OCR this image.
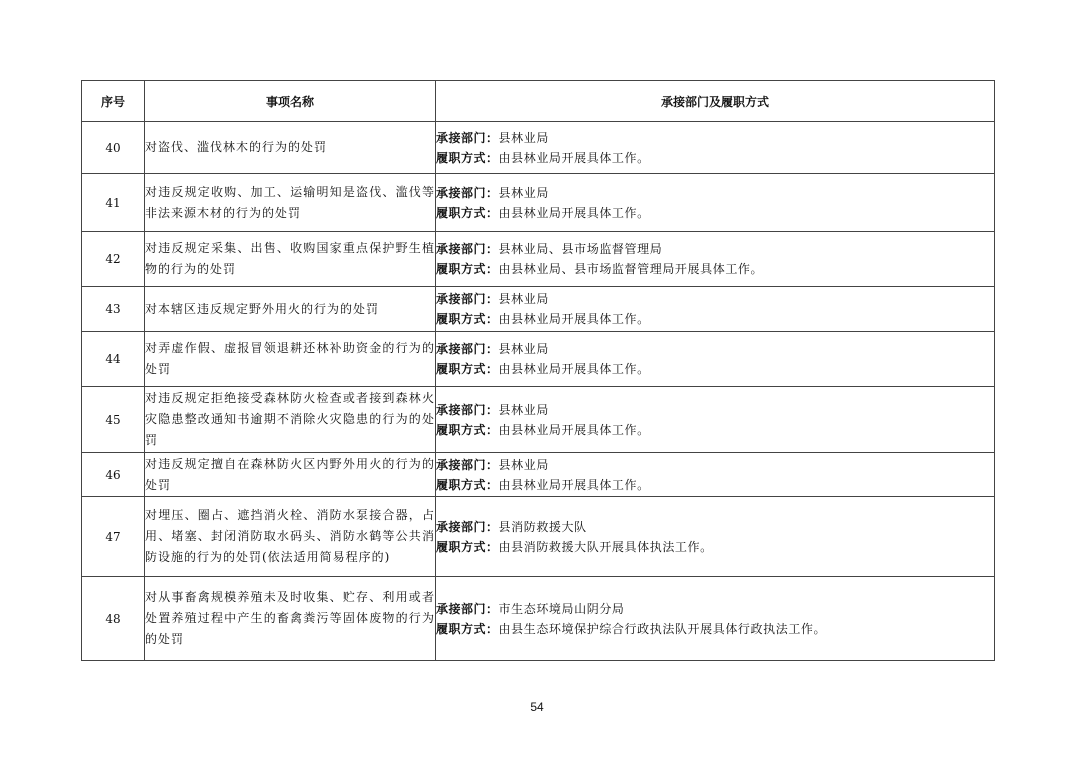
序号	事项名称	承接部门及履职方式
40	对盗伐、滥伐林木的行为的处罚	承接部门：县林业局
履职方式：由县林业局开展具体工作。

41	对违反规定收购、加工、运输明知是盗伐、滥伐等非法来源木材的行为的处罚	承接部门：县林业局
履职方式：由县林业局开展具体工作。

42	对违反规定采集、出售、收购国家重点保护野生植物的行为的处罚	承接部门：县林业局、县市场监督管理局
履职方式：由县林业局、县市场监督管理局开展具体工作。

43	对本辖区违反规定野外用火的行为的处罚	承接部门：县林业局
履职方式：由县林业局开展具体工作。

44	对弄虚作假、虚报冒领退耕还林补助资金的行为的处罚	承接部门：县林业局
履职方式：由县林业局开展具体工作。

45	对违反规定拒绝接受森林防火检查或者接到森林火灾隐患整改通知书逾期不消除火灾隐患的行为的处罚	承接部门：县林业局
履职方式：由县林业局开展具体工作。

46	对违反规定擅自在森林防火区内野外用火的行为的处罚	承接部门：县林业局
履职方式：由县林业局开展具体工作。

47	对埋压、圈占、遮挡消火栓、消防水泵接合器，占用、堵塞、封闭消防取水码头、消防水鹤等公共消防设施的行为的处罚(依法适用简易程序的)	承接部门：县消防救援大队
履职方式：由县消防救援大队开展具体执法工作。

48	对从事畜禽规模养殖未及时收集、贮存、利用或者处置养殖过程中产生的畜禽粪污等固体废物的行为的处罚	承接部门：市生态环境局山阴分局
履职方式：由县生态环境保护综合行政执法队开展具体行政执法工作。
54
